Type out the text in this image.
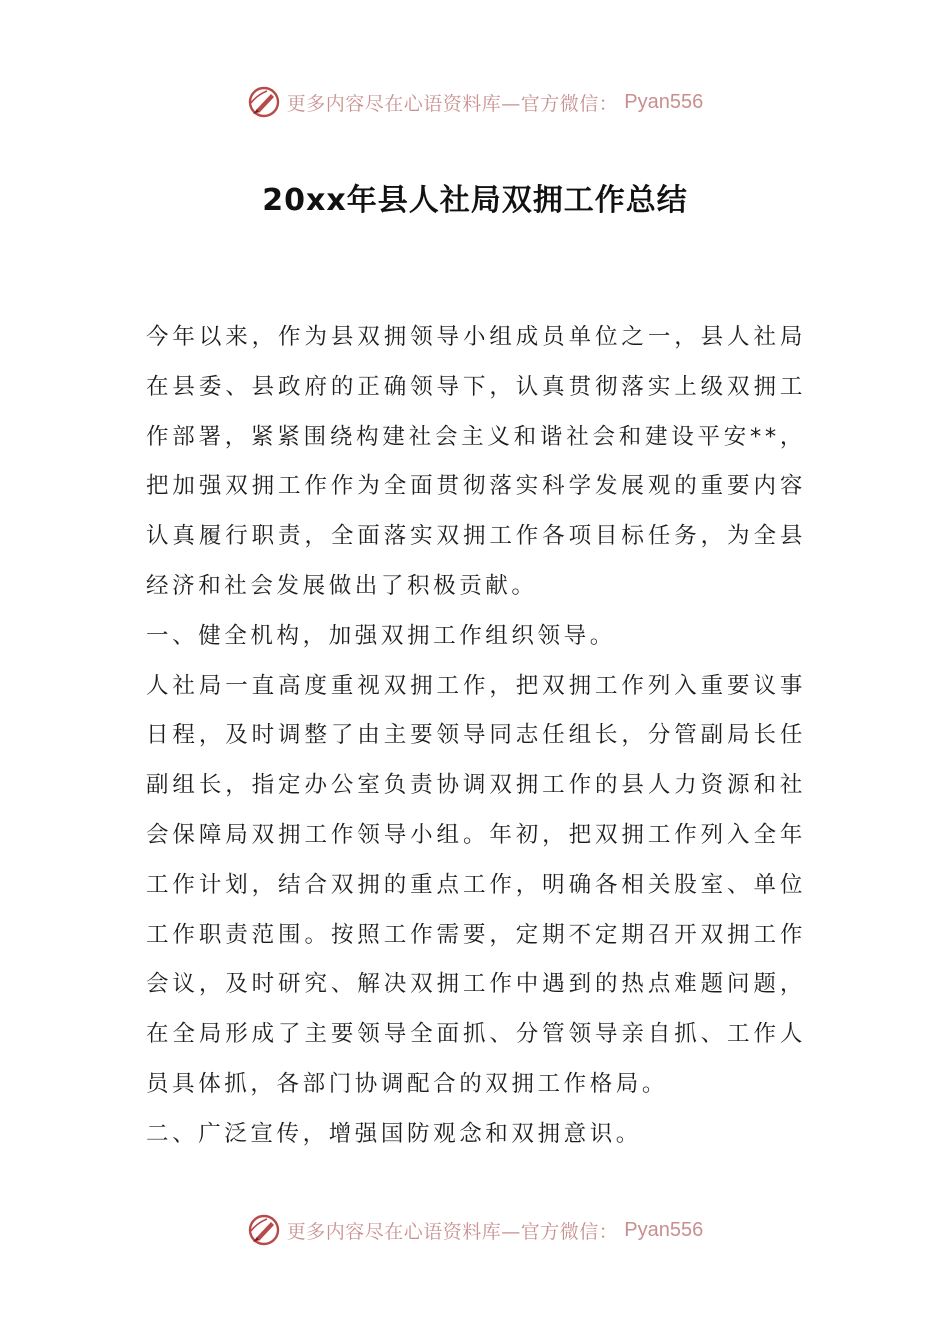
更多内容尽在心语资料库—官方微信： Pyan556
20xx年县人社局双拥工作总结

今年以来，作为县双拥领导小组成员单位之一，县人社局在县委、县政府的正确领导下，认真贯彻落实上级双拥工作部署，紧紧围绕构建社会主义和谐社会和建设平安**，把加强双拥工作作为全面贯彻落实科学发展观的重要内容认真履行职责，全面落实双拥工作各项目标任务，为全县经济和社会发展做出了积极贡献。

一、健全机构，加强双拥工作组织领导。

人社局一直高度重视双拥工作，把双拥工作列入重要议事日程，及时调整了由主要领导同志任组长，分管副局长任副组长，指定办公室负责协调双拥工作的县人力资源和社会保障局双拥工作领导小组。年初，把双拥工作列入全年工作计划，结合双拥的重点工作，明确各相关股室、单位工作职责范围。按照工作需要，定期不定期召开双拥工作会议，及时研究、解决双拥工作中遇到的热点难题问题，在全局形成了主要领导全面抓、分管领导亲自抓、工作人员具体抓，各部门协调配合的双拥工作格局。

二、广泛宣传，增强国防观念和双拥意识。

更多内容尽在心语资料库—官方微信： Pyan556
